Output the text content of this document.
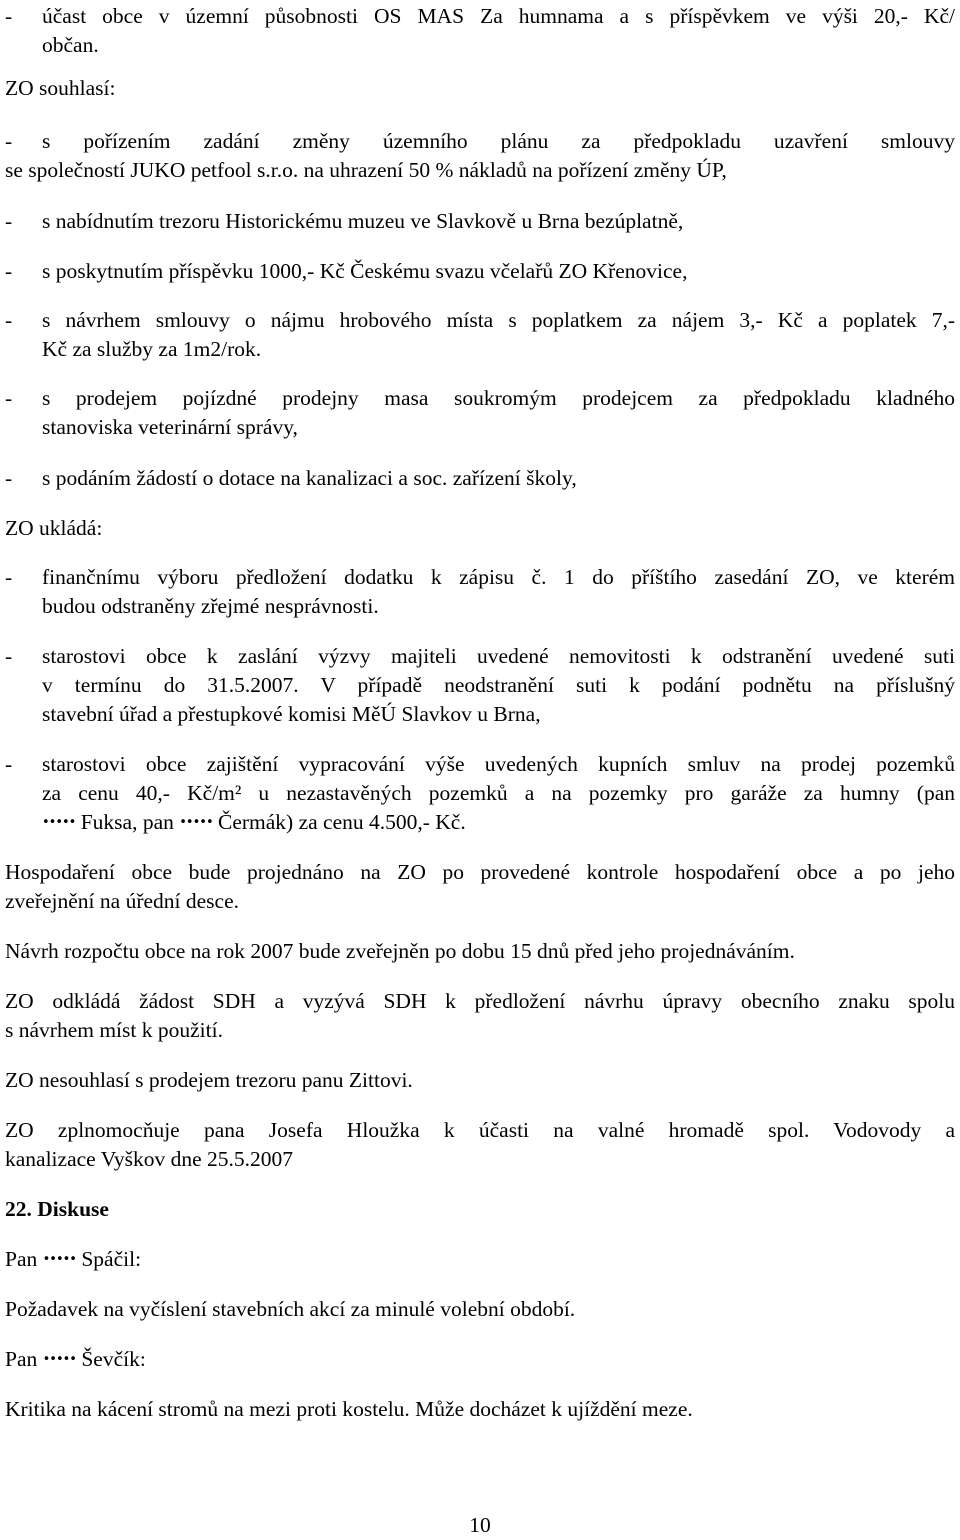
- účast obce v územní působnosti OS MAS Za humnama a s příspěvkem ve výši 20,- Kč/
občan.
ZO souhlasí:
- s pořízením zadání změny územního plánu za předpokladu uzavření smlouvy
se společností JUKO petfool s.r.o. na uhrazení 50 % nákladů na pořízení změny ÚP,
- s nabídnutím trezoru Historickému muzeu ve Slavkově u Brna bezúplatně,
- s poskytnutím příspěvku 1000,- Kč Českému svazu včelařů ZO Křenovice,
- s návrhem smlouvy o nájmu hrobového místa s poplatkem za nájem 3,- Kč a poplatek 7,-
Kč za služby za 1m2/rok.
- s prodejem pojízdné prodejny masa soukromým prodejcem za předpokladu kladného
stanoviska veterinární správy,
- s podáním žádostí o dotace na kanalizaci a soc. zařízení školy,
ZO ukládá:
- finančnímu výboru předložení dodatku k zápisu č. 1 do příštího zasedání ZO, ve kterém
budou odstraněny zřejmé nesprávnosti.
- starostovi obce k zaslání výzvy majiteli uvedené nemovitosti k odstranění uvedené suti
v termínu do 31.5.2007. V případě neodstranění suti k podání podnětu na příslušný
stavební úřad a přestupkové komisi MěÚ Slavkov u Brna,
- starostovi obce zajištění vypracování výše uvedených kupních smluv na prodej pozemků
za cenu 40,- Kč/m² u nezastavěných pozemků a na pozemky pro garáže za humny (pan
••••• Fuksa, pan ••••• Čermák) za cenu 4.500,- Kč.
Hospodaření obce bude projednáno na ZO po provedené kontrole hospodaření obce a po jeho
zveřejnění na úřední desce.
Návrh rozpočtu obce na rok 2007 bude zveřejněn po dobu 15 dnů před jeho projednáváním.
ZO odkládá žádost SDH a vyzývá SDH k předložení návrhu úpravy obecního znaku spolu
s návrhem míst k použití.
ZO nesouhlasí s prodejem trezoru panu Zittovi.
ZO zplnomocňuje pana Josefa Hloužka k účasti na valné hromadě spol. Vodovody a
kanalizace Vyškov dne 25.5.2007
22. Diskuse
Pan ••••• Spáčil:
Požadavek na vyčíslení stavebních akcí za minulé volební období.
Pan ••••• Ševčík:
Kritika na kácení stromů na mezi proti kostelu. Může docházet k ujíždění meze.
10
